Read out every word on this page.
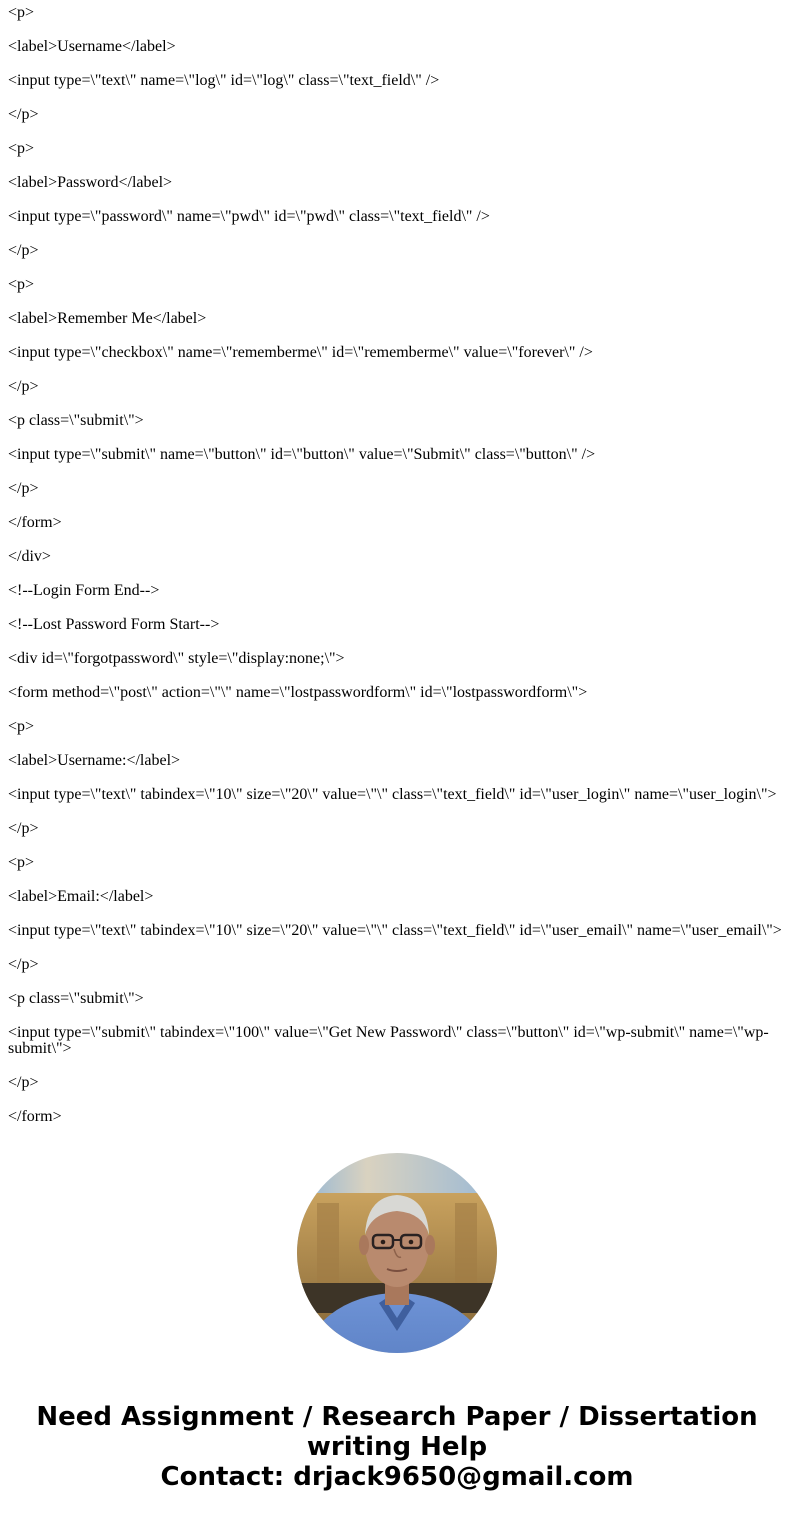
<p>

<label>Username</label>

<input type=\"text\" name=\"log\" id=\"log\" class=\"text_field\" />

</p>

<p>

<label>Password</label>

<input type=\"password\" name=\"pwd\" id=\"pwd\" class=\"text_field\" />

</p>

<p>

<label>Remember Me</label>

<input type=\"checkbox\" name=\"rememberme\" id=\"rememberme\" value=\"forever\" />

</p>

<p class=\"submit\">

<input type=\"submit\" name=\"button\" id=\"button\" value=\"Submit\" class=\"button\" />

</p>

</form>

</div>

<!--Login Form End-->

<!--Lost Password Form Start-->

<div id=\"forgotpassword\" style=\"display:none;\">

<form method=\"post\" action=\"\" name=\"lostpasswordform\" id=\"lostpasswordform\">

<p>

<label>Username:</label>

<input type=\"text\" tabindex=\"10\" size=\"20\" value=\"\" class=\"text_field\" id=\"user_login\" name=\"user_login\">

</p>

<p>

<label>Email:</label>

<input type=\"text\" tabindex=\"10\" size=\"20\" value=\"\" class=\"text_field\" id=\"user_email\" name=\"user_email\">

</p>

<p class=\"submit\">

<input type=\"submit\" tabindex=\"100\" value=\"Get New Password\" class=\"button\" id=\"wp-submit\" name=\"wp-submit\">

</p>

</form>

Need Assignment / Research Paper / Dissertation
writing Help
Contact: drjack9650@gmail.com
